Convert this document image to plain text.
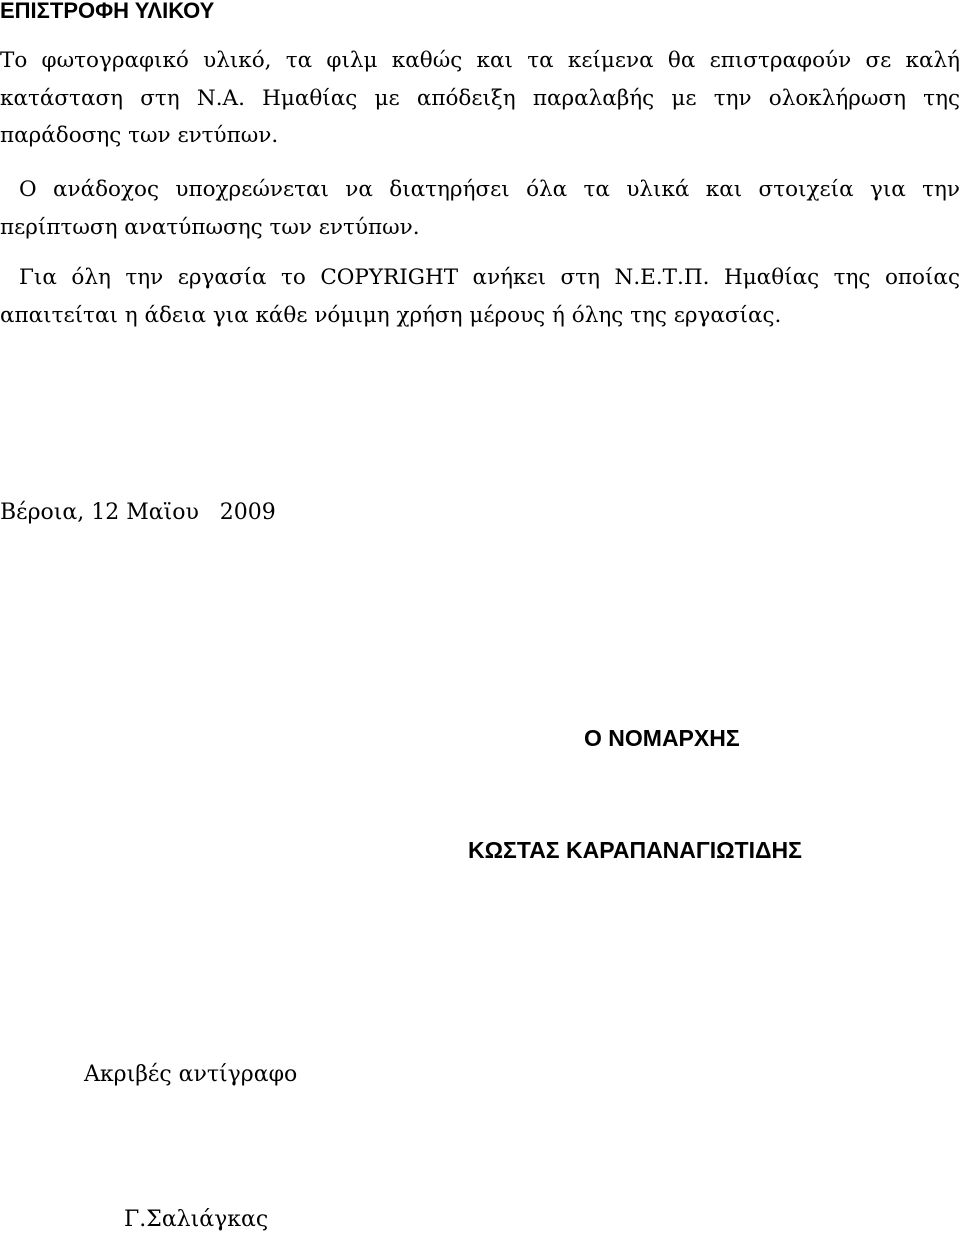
ΕΠΙΣΤΡΟΦΗ ΥΛΙΚΟΥ

Το φωτογραφικό υλικό, τα φιλμ καθώς και τα κείμενα θα επιστραφούν σε καλή κατάσταση στη Ν.Α. Ημαθίας με απόδειξη παραλαβής με την ολοκλήρωση της παράδοσης των εντύπων.

Ο ανάδοχος υποχρεώνεται να διατηρήσει όλα τα υλικά και στοιχεία για την περίπτωση ανατύπωσης των εντύπων.

Για όλη την εργασία το COPYRIGHT ανήκει στη Ν.Ε.Τ.Π. Ημαθίας της οποίας απαιτείται η άδεια για κάθε νόμιμη χρήση μέρους ή όλης της εργασίας.

Βέροια, 12 Μαϊου   2009
Ο ΝΟΜΑΡΧΗΣ
ΚΩΣΤΑΣ ΚΑΡΑΠΑΝΑΓΙΩΤΙΔΗΣ
Ακριβές αντίγραφο
Γ.Σαλιάγκας
